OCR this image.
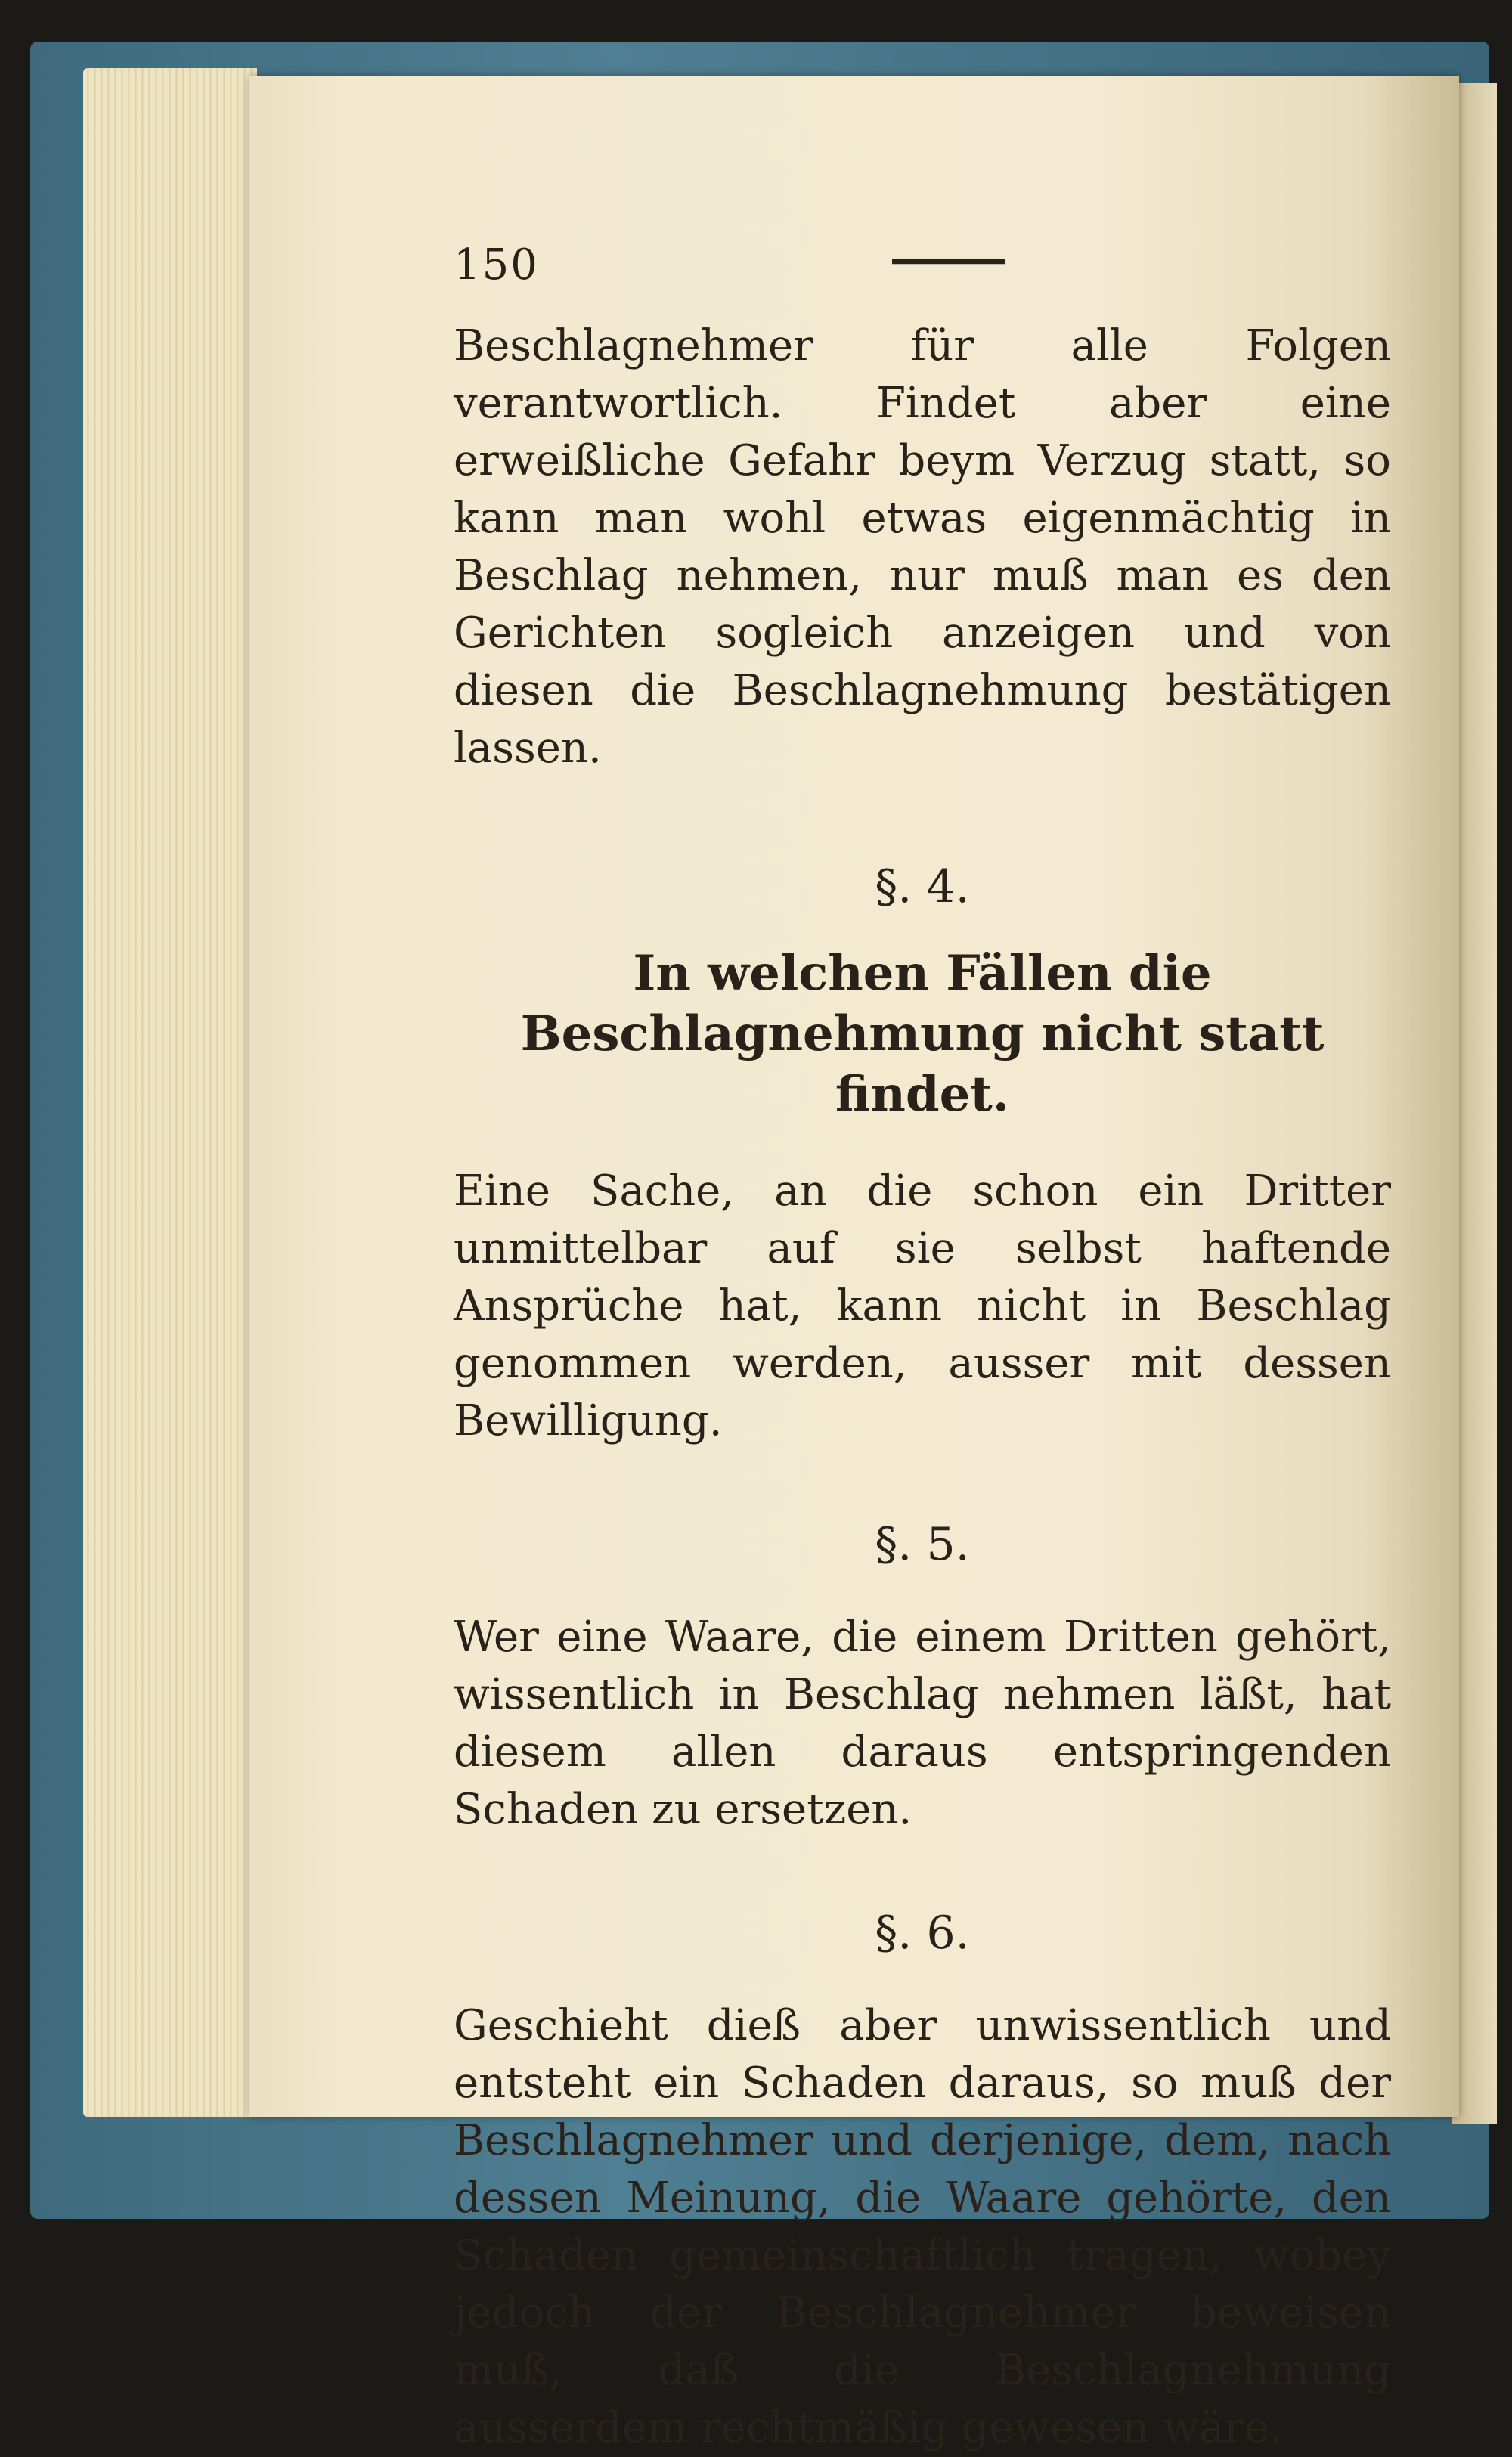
150

Beschlagnehmer für alle Folgen verantwortlich. Findet aber eine erweißliche Gefahr beym Verzug statt, so kann man wohl etwas eigenmächtig in Beschlag nehmen, nur muß man es den Gerichten sogleich anzeigen und von diesen die Beschlagnehmung bestätigen lassen.

§. 4.

In welchen Fällen die Beschlagnehmung nicht statt findet.

Eine Sache, an die schon ein Dritter unmittelbar auf sie selbst haftende Ansprüche hat, kann nicht in Beschlag genommen werden, ausser mit dessen Bewilligung.

§. 5.

Wer eine Waare, die einem Dritten gehört, wissentlich in Beschlag nehmen läßt, hat diesem allen daraus entspringenden Schaden zu ersetzen.

§. 6.

Geschieht dieß aber unwissentlich und entsteht ein Schaden daraus, so muß der Beschlagnehmer und derjenige, dem, nach dessen Meinung, die Waare gehörte, den Schaden gemeinschaftlich tragen, wobey jedoch der Beschlagnehmer beweisen muß, daß die Beschlagnehmung ausserdem rechtmäßig gewesen wäre.
